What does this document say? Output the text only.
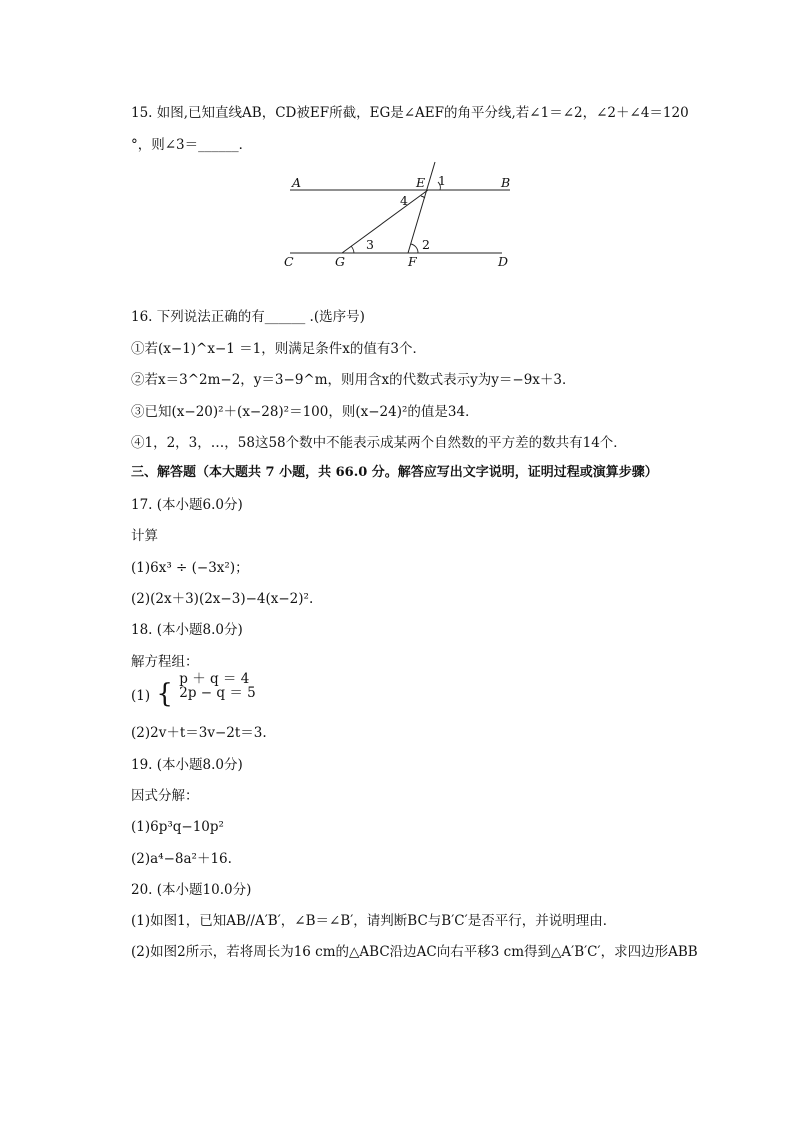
15. 如图,已知直线AB，CD被EF所截，EG是∠AEF的角平分线,若∠1＝∠2，∠2＋∠4＝120
°，则∠3＝______．
A	B
C	D
E
F
G
1
2
3
4
16. 下列说法正确的有______ .(选序号)
①若(x−1)^x−1 ＝1，则满足条件x的值有3个．
②若x＝3^2m−2，y＝3−9^m，则用含x的代数式表示y为y＝−9x＋3．
③已知(x−20)²＋(x−28)²＝100，则(x−24)²的值是34．
④1，2，3，…，58这58个数中不能表示成某两个自然数的平方差的数共有14个．
三、解答题（本大题共 7 小题，共 66.0 分。解答应写出文字说明，证明过程或演算步骤）
17. (本小题6.0分)
计算
(1)6x³ ÷ (−3x²)；
(2)(2x＋3)(2x−3)−4(x−2)².
18. (本小题8.0分)
解方程组：
(1) { p ＋ q ＝ 4
2p − q ＝ 5
(2)2v＋t＝3v−2t＝3.
19. (本小题8.0分)
因式分解：
(1)6p³q−10p²
(2)a⁴−8a²＋16.
20. (本小题10.0分)
(1)如图1，已知AB//A′B′，∠B＝∠B′，请判断BC与B′C′是否平行，并说明理由．
(2)如图2所示，若将周长为16 cm的△ABC沿边AC向右平移3 cm得到△A′B′C′，求四边形ABB
